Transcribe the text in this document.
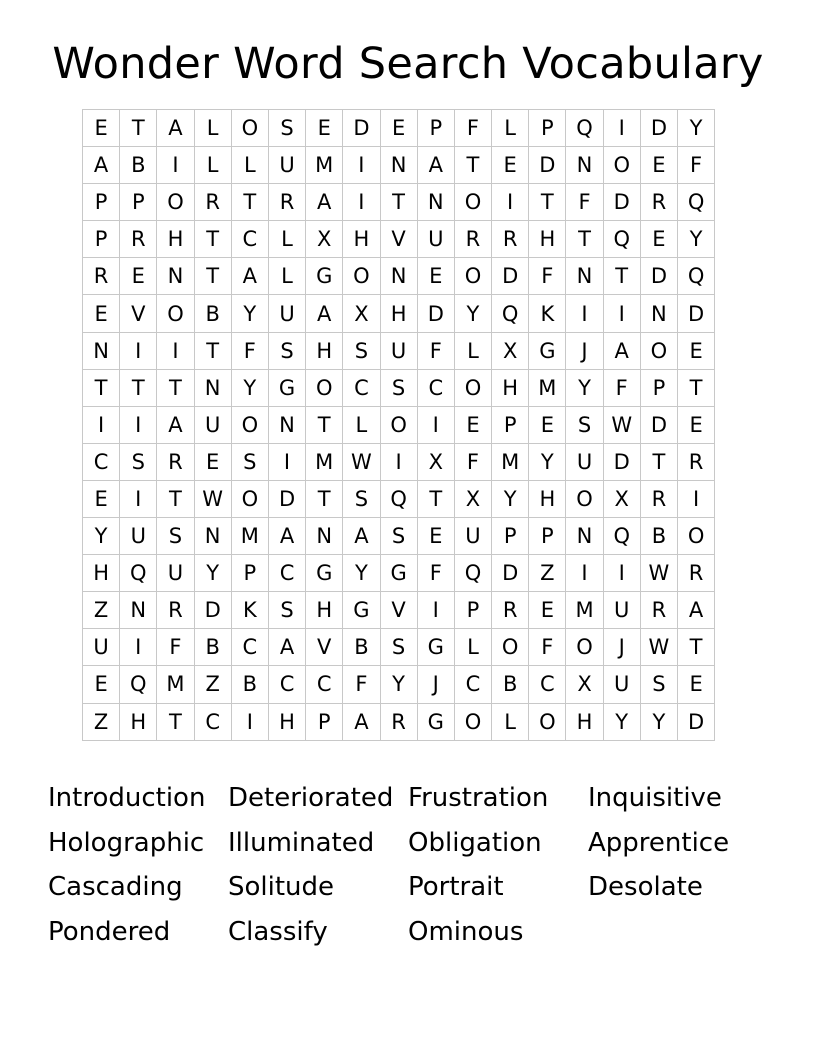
Wonder Word Search Vocabulary
E	T	A	L	O	S	E	D	E	P	F	L	P	Q	I	D	Y
A	B	I	L	L	U	M	I	N	A	T	E	D	N	O	E	F
P	P	O	R	T	R	A	I	T	N	O	I	T	F	D	R	Q
P	R	H	T	C	L	X	H	V	U	R	R	H	T	Q	E	Y
R	E	N	T	A	L	G	O	N	E	O	D	F	N	T	D	Q
E	V	O	B	Y	U	A	X	H	D	Y	Q	K	I	I	N	D
N	I	I	T	F	S	H	S	U	F	L	X	G	J	A	O	E
T	T	T	N	Y	G	O	C	S	C	O	H	M	Y	F	P	T
I	I	A	U	O	N	T	L	O	I	E	P	E	S	W	D	E
C	S	R	E	S	I	M	W	I	X	F	M	Y	U	D	T	R
E	I	T	W	O	D	T	S	Q	T	X	Y	H	O	X	R	I
Y	U	S	N	M	A	N	A	S	E	U	P	P	N	Q	B	O
H	Q	U	Y	P	C	G	Y	G	F	Q	D	Z	I	I	W	R
Z	N	R	D	K	S	H	G	V	I	P	R	E	M	U	R	A
U	I	F	B	C	A	V	B	S	G	L	O	F	O	J	W	T
E	Q	M	Z	B	C	C	F	Y	J	C	B	C	X	U	S	E
Z	H	T	C	I	H	P	A	R	G	O	L	O	H	Y	Y	D
Introduction Deteriorated Frustration	Inquisitive
Holographic Illuminated	Obligation	Apprentice
Cascading	Solitude	Portrait	Desolate
Pondered	Classify	Ominous
